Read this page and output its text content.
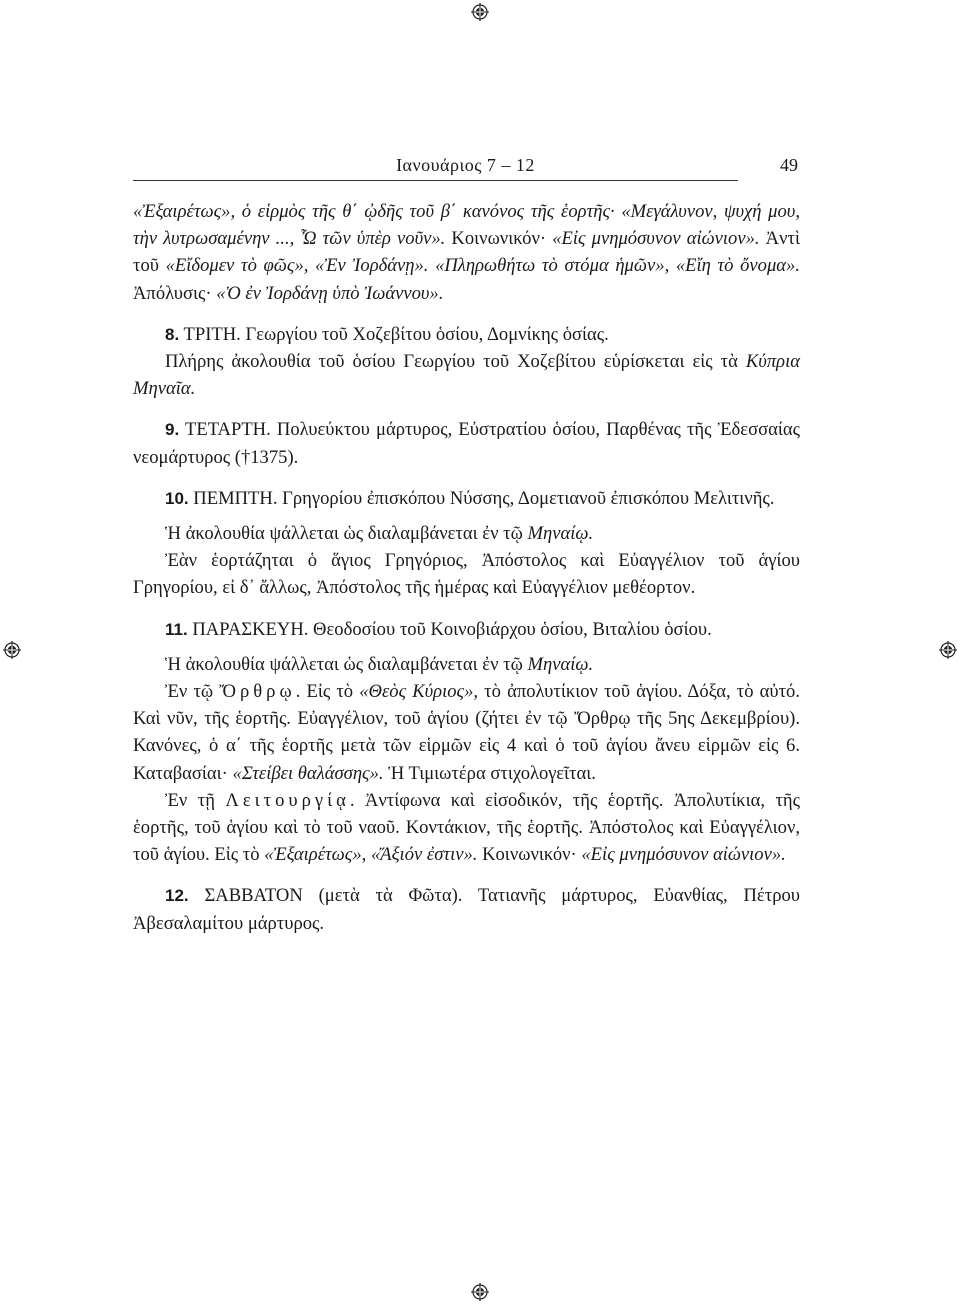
Ιανουάριος 7 – 12	49

«Ἐξαιρέτως», ὁ εἱρμὸς τῆς θ΄ ᾠδῆς τοῦ β΄ κανόνος τῆς ἑορτῆς· «Μεγάλυνον, ψυχή μου, τὴν λυτρωσαμένην ..., Ὦ τῶν ὑπὲρ νοῦν». Κοινωνικόν· «Εἰς μνημόσυνον αἰώνιον». Ἀντὶ τοῦ «Εἴδομεν τὸ φῶς», «Ἐν Ἰορδάνῃ». «Πληρωθήτω τὸ στόμα ἡμῶν», «Εἴη τὸ ὄνομα». Ἀπόλυσις· «Ὁ ἐν Ἰορδάνῃ ὑπὸ Ἰωάννου».

8. ΤΡΙΤΗ. Γεωργίου τοῦ Χοζεβίτου ὁσίου, Δομνίκης ὁσίας.

Πλήρης ἀκολουθία τοῦ ὁσίου Γεωργίου τοῦ Χοζεβίτου εὑρίσκεται εἰς τὰ Κύπρια Μηναῖα.

9. ΤΕΤΑΡΤΗ. Πολυεύκτου μάρτυρος, Εὐστρατίου ὁσίου, Παρθένας τῆς Ἐδεσσαίας νεομάρτυρος (†1375).

10. ΠΕΜΠΤΗ. Γρηγορίου ἐπισκόπου Νύσσης, Δομετιανοῦ ἐπισκόπου Μελιτινῆς.

Ἡ ἀκολουθία ψάλλεται ὡς διαλαμβάνεται ἐν τῷ Μηναίῳ.

Ἐὰν ἑορτάζηται ὁ ἅγιος Γρηγόριος, Ἀπόστολος καὶ Εὐαγγέλιον τοῦ ἁγίου Γρηγορίου, εἰ δ᾽ ἄλλως, Ἀπόστολος τῆς ἡμέρας καὶ Εὐαγγέλιον μεθέορτον.

11. ΠΑΡΑΣΚΕΥΗ. Θεοδοσίου τοῦ Κοινοβιάρχου ὁσίου, Βιταλίου ὁσίου.

Ἡ ἀκολουθία ψάλλεται ὡς διαλαμβάνεται ἐν τῷ Μηναίῳ.

Ἐν τῷ Ὄρθρῳ. Εἰς τὸ «Θεὸς Κύριος», τὸ ἀπολυτίκιον τοῦ ἁγίου. Δόξα, τὸ αὐτό. Καὶ νῦν, τῆς ἑορτῆς. Εὐαγγέλιον, τοῦ ἁγίου (ζήτει ἐν τῷ Ὄρθρῳ τῆς 5ης Δεκεμβρίου). Κανόνες, ὁ α΄ τῆς ἑορτῆς μετὰ τῶν εἱρμῶν εἰς 4 καὶ ὁ τοῦ ἁγίου ἄνευ εἱρμῶν εἰς 6. Καταβασίαι· «Στείβει θαλάσσης». Ἡ Τιμιωτέρα στιχολογεῖται.

Ἐν τῇ Λειτουργίᾳ. Ἀντίφωνα καὶ εἰσοδικόν, τῆς ἑορτῆς. Ἀπολυτίκια, τῆς ἑορτῆς, τοῦ ἁγίου καὶ τὸ τοῦ ναοῦ. Κοντάκιον, τῆς ἑορτῆς. Ἀπόστολος καὶ Εὐαγγέλιον, τοῦ ἁγίου. Εἰς τὸ «Ἐξαιρέτως», «Ἄξιόν ἐστιν». Κοινωνικόν· «Εἰς μνημόσυνον αἰώνιον».

12. ΣΑΒΒΑΤΟΝ (μετὰ τὰ Φῶτα). Τατιανῆς μάρτυρος, Εὐανθίας, Πέτρου Ἀβεσαλαμίτου μάρτυρος.
